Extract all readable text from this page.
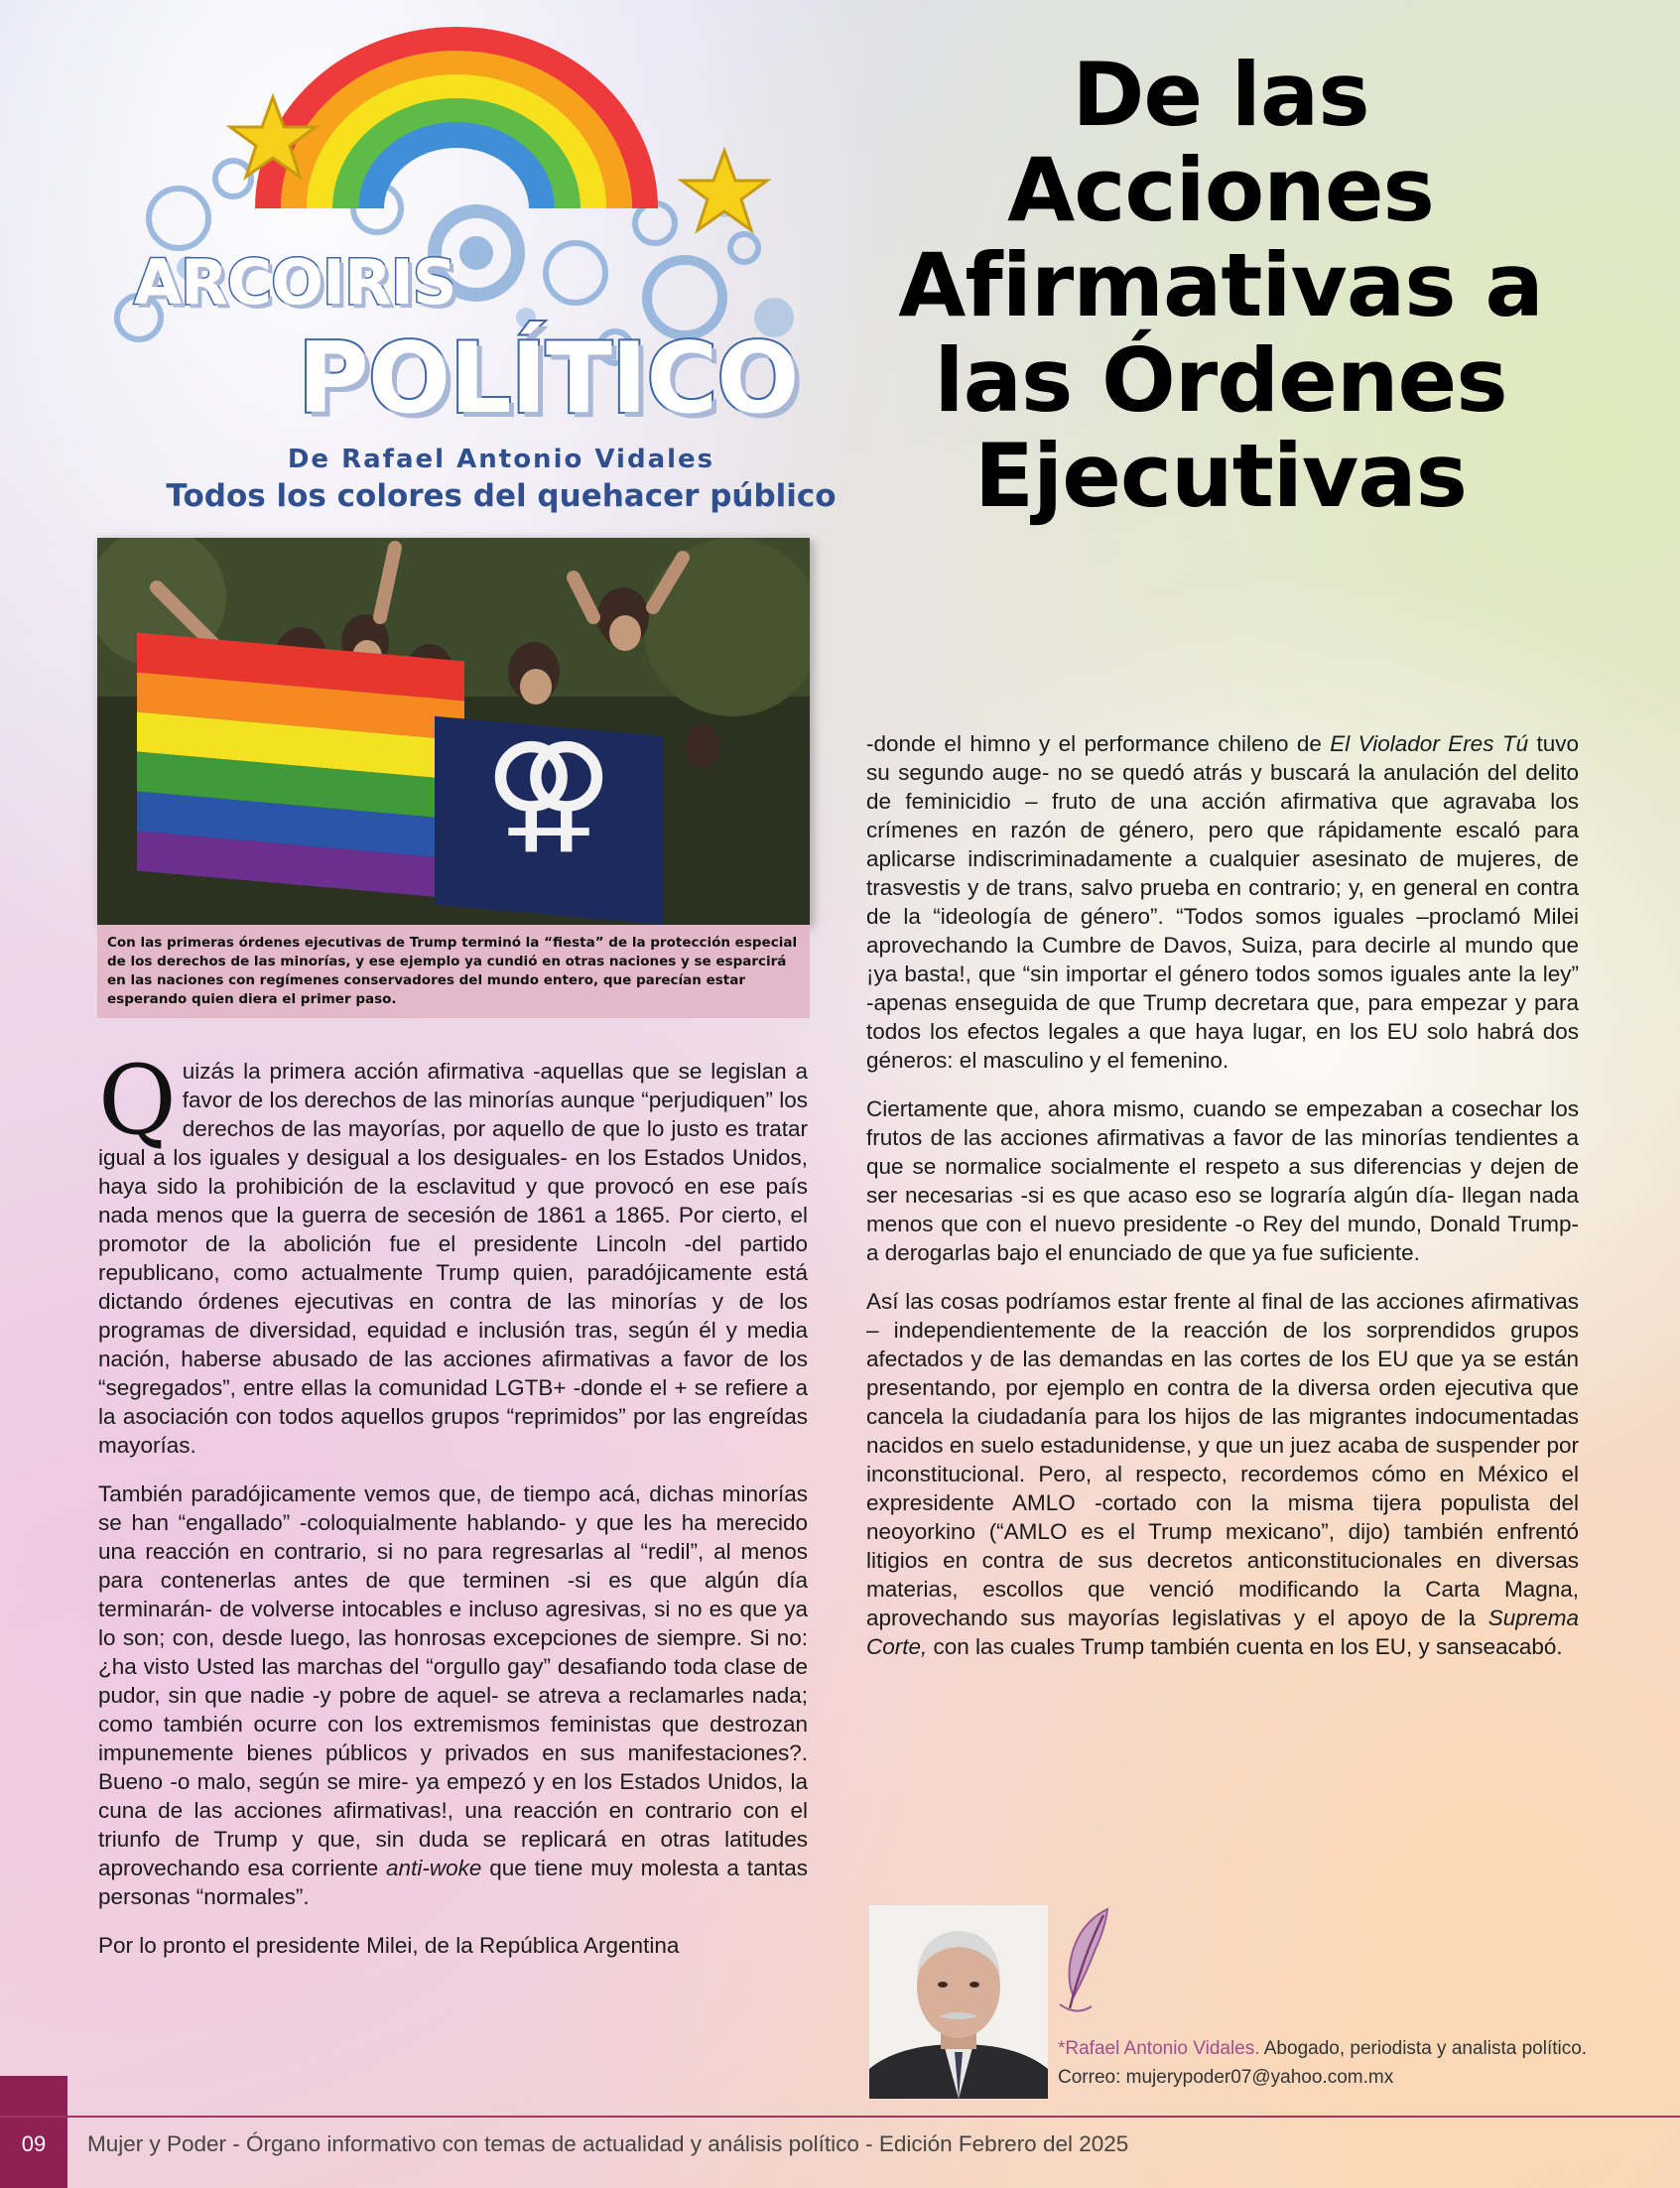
ARCOIRIS
POLÍTICO
De Rafael Antonio Vidales
Todos los colores del quehacer público
De las Acciones Afirmativas a las Órdenes Ejecutivas
⚢
Con las primeras órdenes ejecutivas de Trump terminó la “fiesta” de la protección especial de los derechos de las minorías, y ese ejemplo ya cundió en otras naciones y se esparcirá en las naciones con regímenes conservadores del mundo entero, que parecían estar esperando quien diera el primer paso.

Quizás la primera acción afirmativa -aquellas que se legislan a favor de los derechos de las minorías aunque “perjudiquen” los derechos de las mayorías, por aquello de que lo justo es tratar igual a los iguales y desigual a los desiguales- en los Estados Unidos, haya sido la prohibición de la esclavitud y que provocó en ese país nada menos que la guerra de secesión de 1861 a 1865. Por cierto, el promotor de la abolición fue el presidente Lincoln -del partido republicano, como actualmente Trump quien, paradójicamente está dictando órdenes ejecutivas en contra de las minorías y de los programas de diversidad, equidad e inclusión tras, según él y media nación, haberse abusado de las acciones afirmativas a favor de los “segregados”, entre ellas la comunidad LGTB+ -donde el + se refiere a la asociación con todos aquellos grupos “reprimidos” por las engreídas mayorías.

También paradójicamente vemos que, de tiempo acá, dichas minorías se han “engallado” -coloquialmente hablando- y que les ha merecido una reacción en contrario, si no para regresarlas al “redil”, al menos para contenerlas antes de que terminen -si es que algún día terminarán- de volverse intocables e incluso agresivas, si no es que ya lo son; con, desde luego, las honrosas excepciones de siempre. Si no: ¿ha visto Usted las marchas del “orgullo gay” desafiando toda clase de pudor, sin que nadie -y pobre de aquel- se atreva a reclamarles nada; como también ocurre con los extremismos feministas que destrozan impunemente bienes públicos y privados en sus manifestaciones?. Bueno -o malo, según se mire- ya empezó y en los Estados Unidos, la cuna de las acciones afirmativas!, una reacción en contrario con el triunfo de Trump y que, sin duda se replicará en otras latitudes aprovechando esa corriente anti-woke que tiene muy molesta a tantas personas “normales”.

Por lo pronto el presidente Milei, de la República Argentina

-donde el himno y el performance chileno de El Violador Eres Tú tuvo su segundo auge- no se quedó atrás y buscará la anulación del delito de feminicidio – fruto de una acción afirmativa que agravaba los crímenes en razón de género, pero que rápidamente escaló para aplicarse indiscriminadamente a cualquier asesinato de mujeres, de trasvestis y de trans, salvo prueba en contrario; y, en general en contra de la “ideología de género”. “Todos somos iguales –proclamó Milei aprovechando la Cumbre de Davos, Suiza, para decirle al mundo que ¡ya basta!, que “sin importar el género todos somos iguales ante la ley” -apenas enseguida de que Trump decretara que, para empezar y para todos los efectos legales a que haya lugar, en los EU solo habrá dos géneros: el masculino y el femenino.

Ciertamente que, ahora mismo, cuando se empezaban a cosechar los frutos de las acciones afirmativas a favor de las minorías tendientes a que se normalice socialmente el respeto a sus diferencias y dejen de ser necesarias -si es que acaso eso se lograría algún día- llegan nada menos que con el nuevo presidente -o Rey del mundo, Donald Trump- a derogarlas bajo el enunciado de que ya fue suficiente.

Así las cosas podríamos estar frente al final de las acciones afirmativas – independientemente de la reacción de los sorprendidos grupos afectados y de las demandas en las cortes de los EU que ya se están presentando, por ejemplo en contra de la diversa orden ejecutiva que cancela la ciudadanía para los hijos de las migrantes indocumentadas nacidos en suelo estadunidense, y que un juez acaba de suspender por inconstitucional. Pero, al respecto, recordemos cómo en México el expresidente AMLO -cortado con la misma tijera populista del neoyorkino (“AMLO es el Trump mexicano”, dijo) también enfrentó litigios en contra de sus decretos anticonstitucionales en diversas materias, escollos que venció modificando la Carta Magna, aprovechando sus mayorías legislativas y el apoyo de la Suprema Corte, con las cuales Trump también cuenta en los EU, y sanseacabó.

*Rafael Antonio Vidales. Abogado, periodista y analista político. Correo: mujerypoder07@yahoo.com.mx
09	Mujer y Poder - Órgano informativo con temas de actualidad y análisis político - Edición Febrero del 2025
